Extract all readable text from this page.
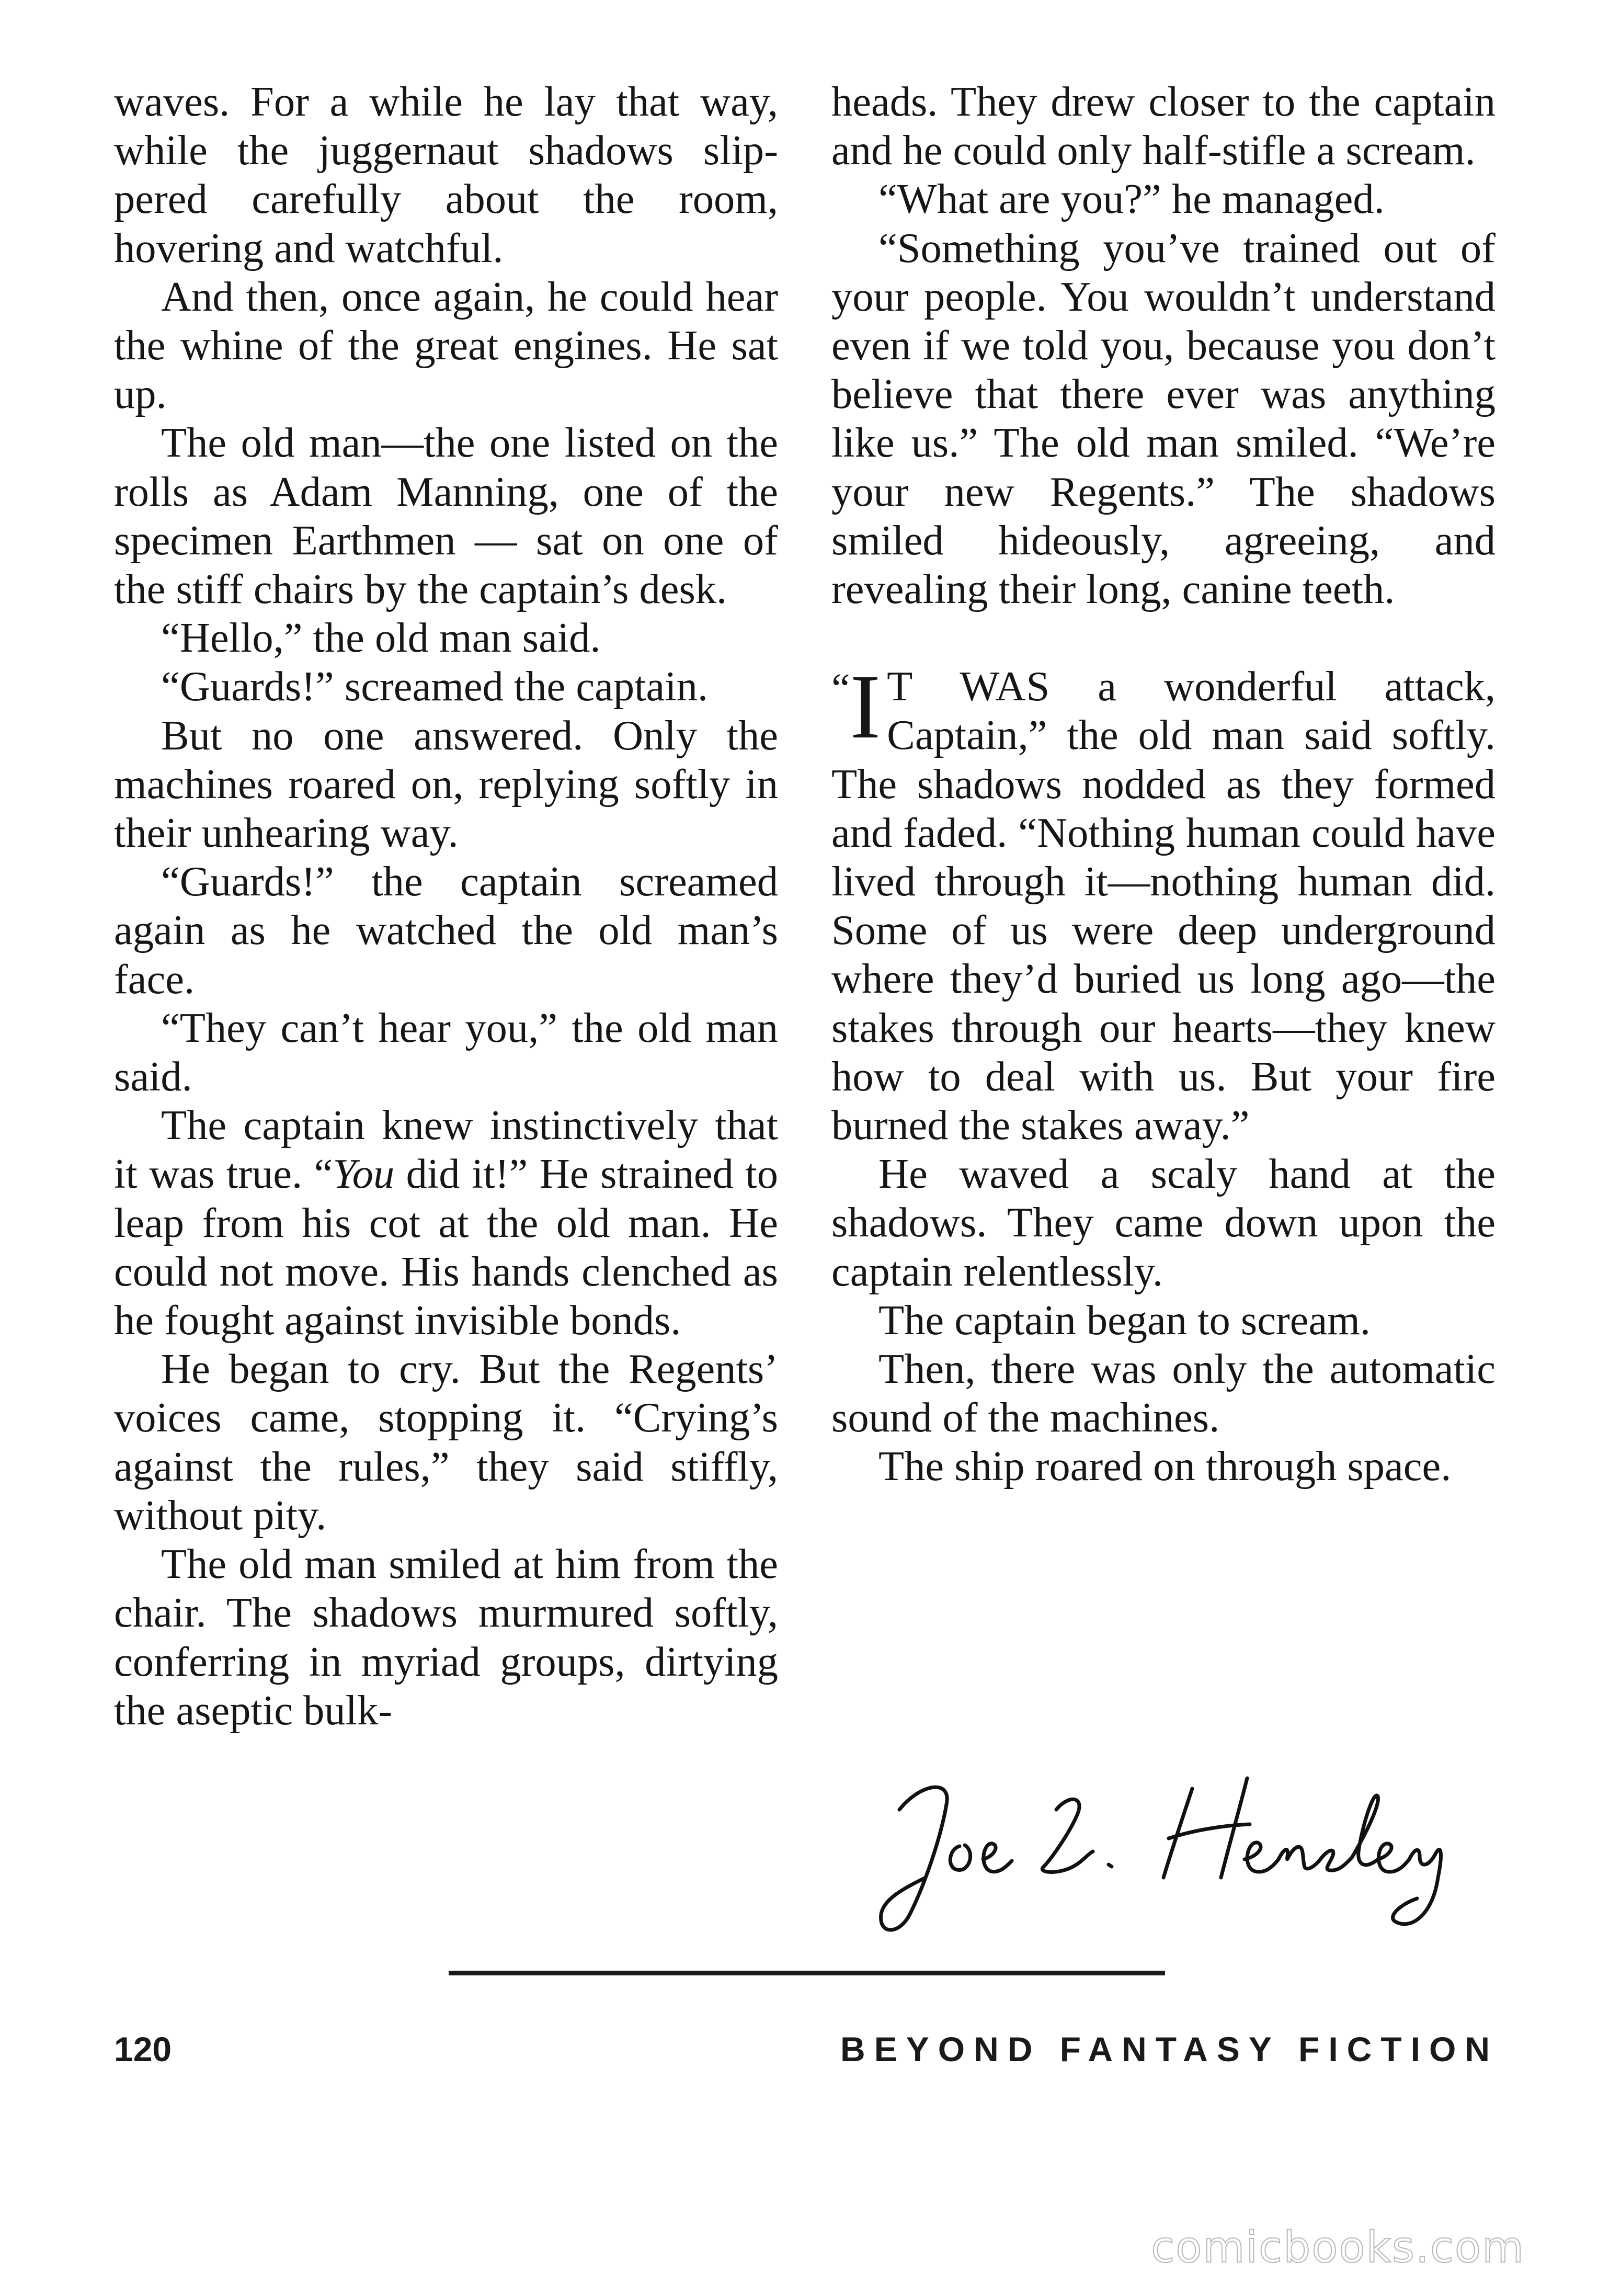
waves. For a while he lay that way, while the juggernaut shadows slippered carefully about the room, hovering and watchful.

And then, once again, he could hear the whine of the great engines. He sat up.

The old man—the one listed on the rolls as Adam Manning, one of the specimen Earthmen — sat on one of the stiff chairs by the captain’s desk.

“Hello,” the old man said.

“Guards!” screamed the captain.

But no one answered. Only the machines roared on, replying softly in their unhearing way.

“Guards!” the captain screamed again as he watched the old man’s face.

“They can’t hear you,” the old man said.

The captain knew instinctively that it was true. “You did it!” He strained to leap from his cot at the old man. He could not move. His hands clenched as he fought against invisible bonds.

He began to cry. But the Regents’ voices came, stopping it. “Crying’s against the rules,” they said stiffly, without pity.

The old man smiled at him from the chair. The shadows murmured softly, conferring in myriad groups, dirtying the aseptic bulk-

heads. They drew closer to the captain and he could only half-stifle a scream.

“What are you?” he managed.

“Something you’ve trained out of your people. You wouldn’t understand even if we told you, because you don’t believe that there ever was anything like us.” The old man smiled. “We’re your new Regents.” The shadows smiled hideously, agreeing, and revealing their long, canine teeth.

“I T WAS a wonderful attack, Captain,” the old man said softly. The shadows nodded as they formed and faded. “Nothing human could have lived through it—nothing human did. Some of us were deep underground where they’d buried us long ago—the stakes through our hearts—they knew how to deal with us. But your fire burned the stakes away.”

He waved a scaly hand at the shadows. They came down upon the captain relentlessly.

The captain began to scream.

Then, there was only the automatic sound of the machines.

The ship roared on through space.

120	BEYOND FANTASY FICTION
comicbooks.com
